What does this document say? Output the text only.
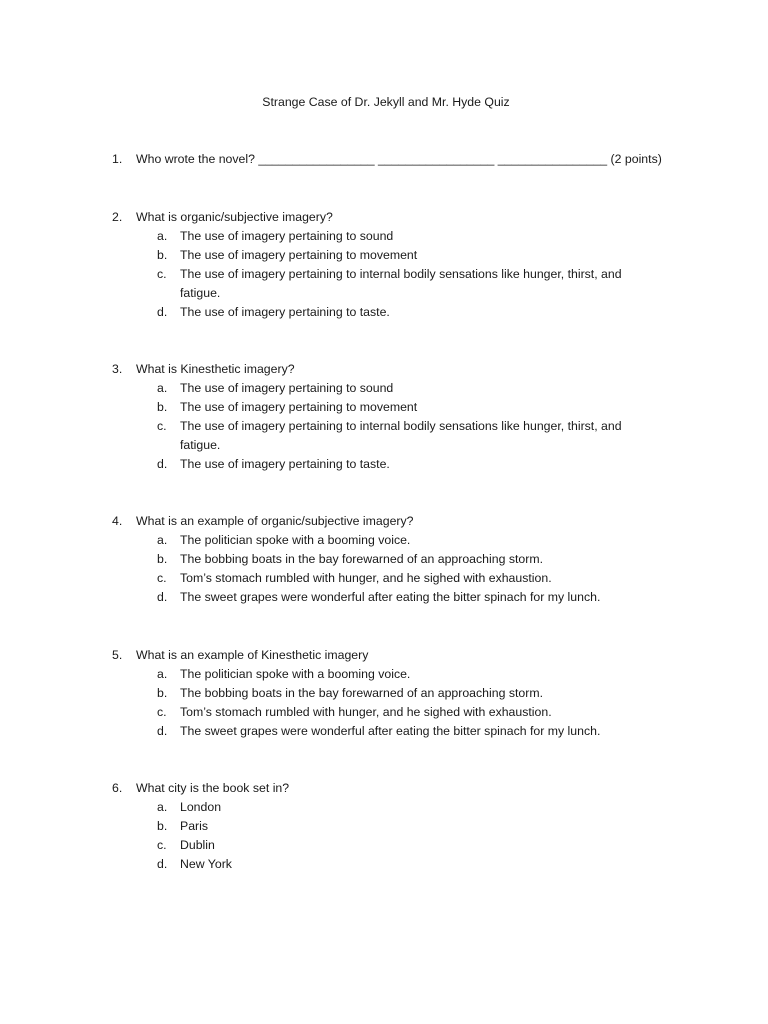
Strange Case of Dr. Jekyll and Mr. Hyde Quiz
1. Who wrote the novel? _________________ _________________ ________________ (2 points)
2. What is organic/subjective imagery?
a. The use of imagery pertaining to sound
b. The use of imagery pertaining to movement
c. The use of imagery pertaining to internal bodily sensations like hunger, thirst, and fatigue.
d. The use of imagery pertaining to taste.
3. What is Kinesthetic imagery?
a. The use of imagery pertaining to sound
b. The use of imagery pertaining to movement
c. The use of imagery pertaining to internal bodily sensations like hunger, thirst, and fatigue.
d. The use of imagery pertaining to taste.
4. What is an example of organic/subjective imagery?
a. The politician spoke with a booming voice.
b. The bobbing boats in the bay forewarned of an approaching storm.
c. Tom’s stomach rumbled with hunger, and he sighed with exhaustion.
d. The sweet grapes were wonderful after eating the bitter spinach for my lunch.
5. What is an example of Kinesthetic imagery
a. The politician spoke with a booming voice.
b. The bobbing boats in the bay forewarned of an approaching storm.
c. Tom’s stomach rumbled with hunger, and he sighed with exhaustion.
d. The sweet grapes were wonderful after eating the bitter spinach for my lunch.
6. What city is the book set in?
a. London
b. Paris
c. Dublin
d. New York
